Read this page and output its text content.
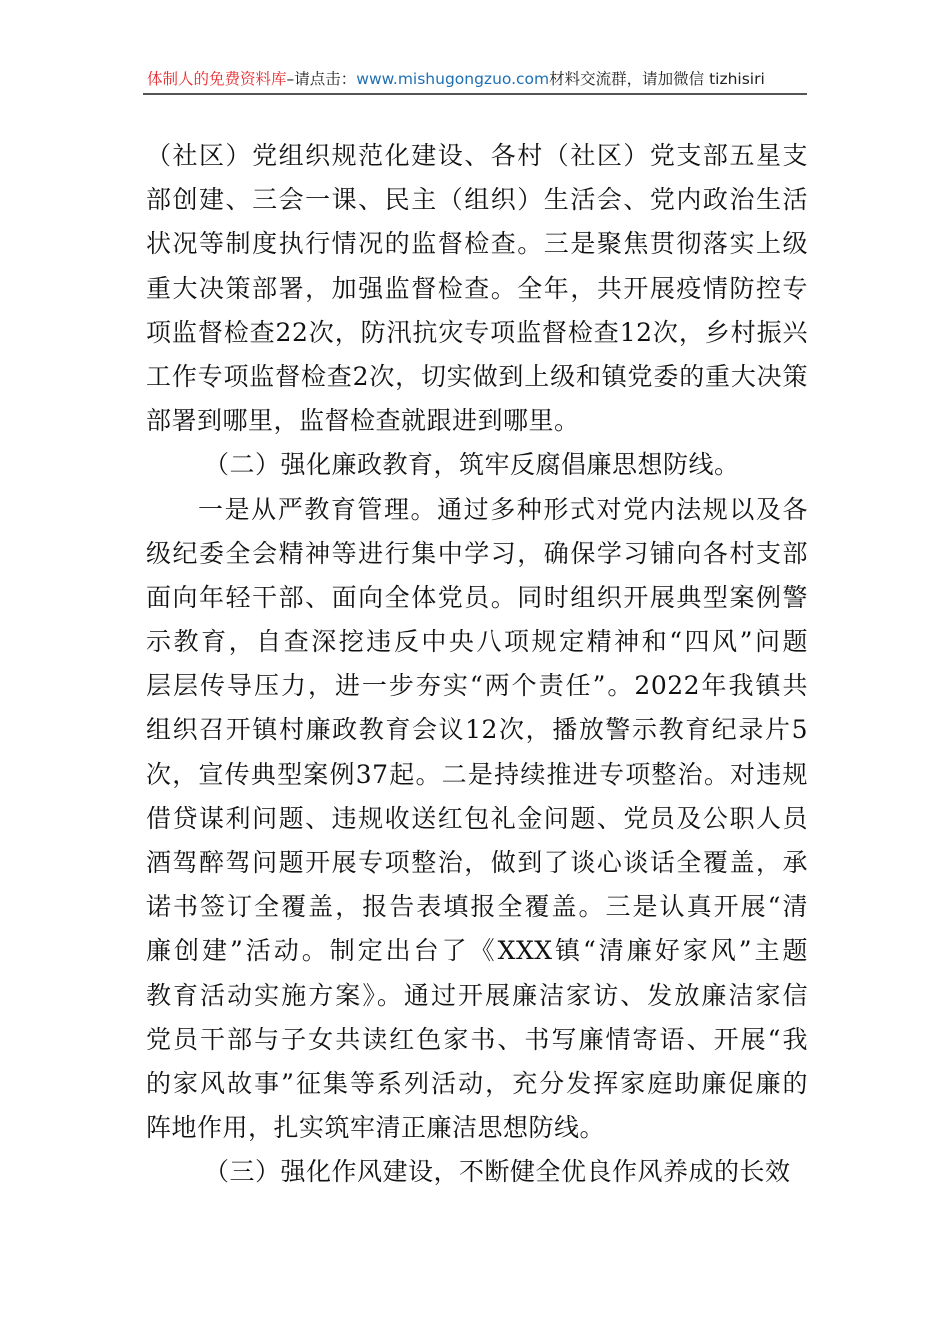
体制人的免费资料库–请点击：www.mishugongzuo.com材料交流群，请加微信 tizhisiri
（社区）党组织规范化建设、各村（社区）党支部五星支
部创建、三会一课、民主（组织）生活会、党内政治生活
状况等制度执行情况的监督检查。三是聚焦贯彻落实上级
重大决策部署，加强监督检查。全年，共开展疫情防控专
项监督检查22次，防汛抗灾专项监督检查12次，乡村振兴
工作专项监督检查2次，切实做到上级和镇党委的重大决策
部署到哪里，监督检查就跟进到哪里。
（二）强化廉政教育，筑牢反腐倡廉思想防线。
一是从严教育管理。通过多种形式对党内法规以及各
级纪委全会精神等进行集中学习，确保学习铺向各村支部
面向年轻干部、面向全体党员。同时组织开展典型案例警
示教育，自查深挖违反中央八项规定精神和“四风”问题
层层传导压力，进一步夯实“两个责任”。2022年我镇共
组织召开镇村廉政教育会议12次，播放警示教育纪录片5
次，宣传典型案例37起。二是持续推进专项整治。对违规
借贷谋利问题、违规收送红包礼金问题、党员及公职人员
酒驾醉驾问题开展专项整治，做到了谈心谈话全覆盖，承
诺书签订全覆盖，报告表填报全覆盖。三是认真开展“清
廉创建”活动。制定出台了《XXX镇“清廉好家风”主题
教育活动实施方案》。通过开展廉洁家访、发放廉洁家信
党员干部与子女共读红色家书、书写廉情寄语、开展“我
的家风故事”征集等系列活动，充分发挥家庭助廉促廉的
阵地作用，扎实筑牢清正廉洁思想防线。
（三）强化作风建设，不断健全优良作风养成的长效
